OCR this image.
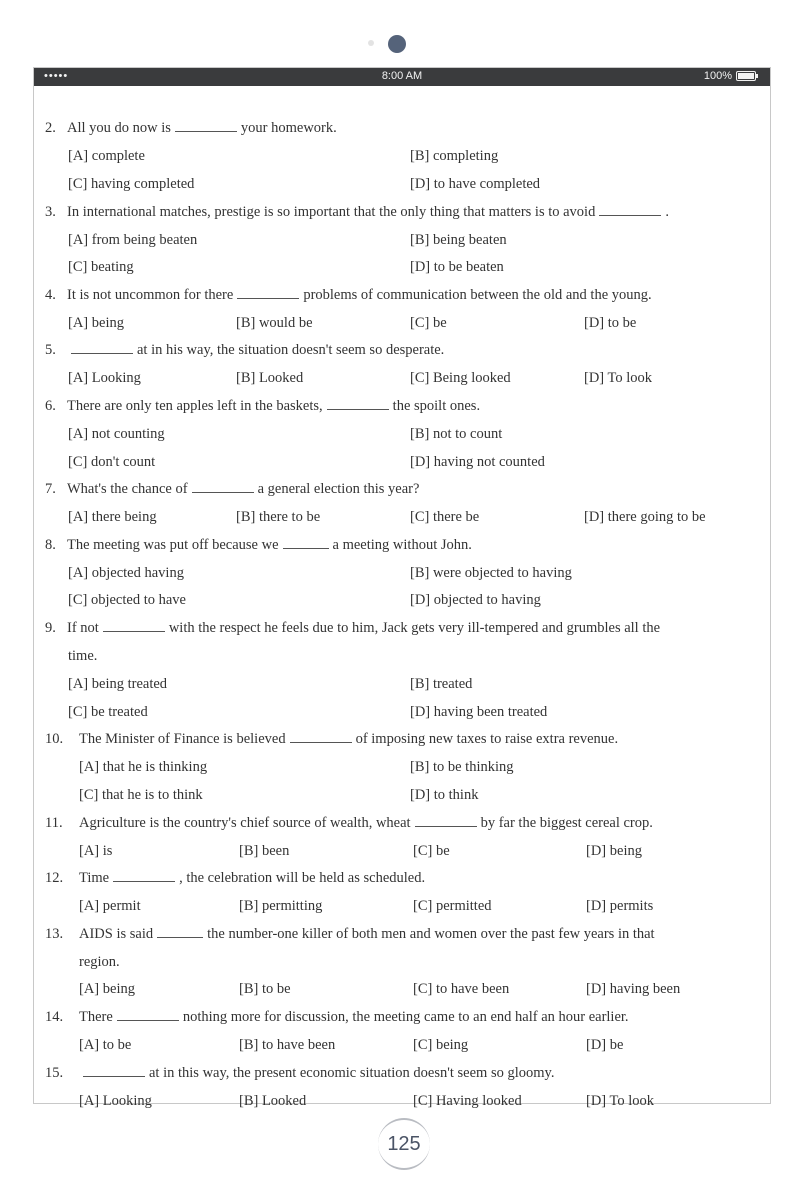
•••••	8:00 AM	100%
2. All you do now is	your homework.
[A] complete	[B] completing
[C] having completed	[D] to have completed
3. In international matches, prestige is so important that the only thing that matters is to avoid	.
[A] from being beaten	[B] being beaten
[C] beating	[D] to be beaten
4. It is not uncommon for there	problems of communication between the old and the young.
[A] being	[B] would be	[C] be	[D] to be
5.	at in his way, the situation doesn't seem so desperate.
[A] Looking	[B] Looked	[C] Being looked	[D] To look
6. There are only ten apples left in the baskets,	the spoilt ones.
[A] not counting	[B] not to count
[C] don't count	[D] having not counted
7. What's the chance of	a general election this year?
[A] there being	[B] there to be	[C] there be	[D] there going to be
8. The meeting was put off because we	a meeting without John.
[A] objected having	[B] were objected to having
[C] objected to have	[D] objected to having
9. If not	with the respect he feels due to him, Jack gets very ill-tempered and grumbles all the
time.
[A] being treated	[B] treated
[C] be treated	[D] having been treated
10. The Minister of Finance is believed	of imposing new taxes to raise extra revenue.
[A] that he is thinking	[B] to be thinking
[C] that he is to think	[D] to think
11. Agriculture is the country's chief source of wealth, wheat	by far the biggest cereal crop.
[A] is	[B] been	[C] be	[D] being
12. Time	, the celebration will be held as scheduled.
[A] permit	[B] permitting	[C] permitted	[D] permits
13. AIDS is said	the number-one killer of both men and women over the past few years in that
region.
[A] being	[B] to be	[C] to have been	[D] having been
14. There	nothing more for discussion, the meeting came to an end half an hour earlier.
[A] to be	[B] to have been	[C] being	[D] be
15.	at in this way, the present economic situation doesn't seem so gloomy.
[A] Looking	[B] Looked	[C] Having looked	[D] To look
125
